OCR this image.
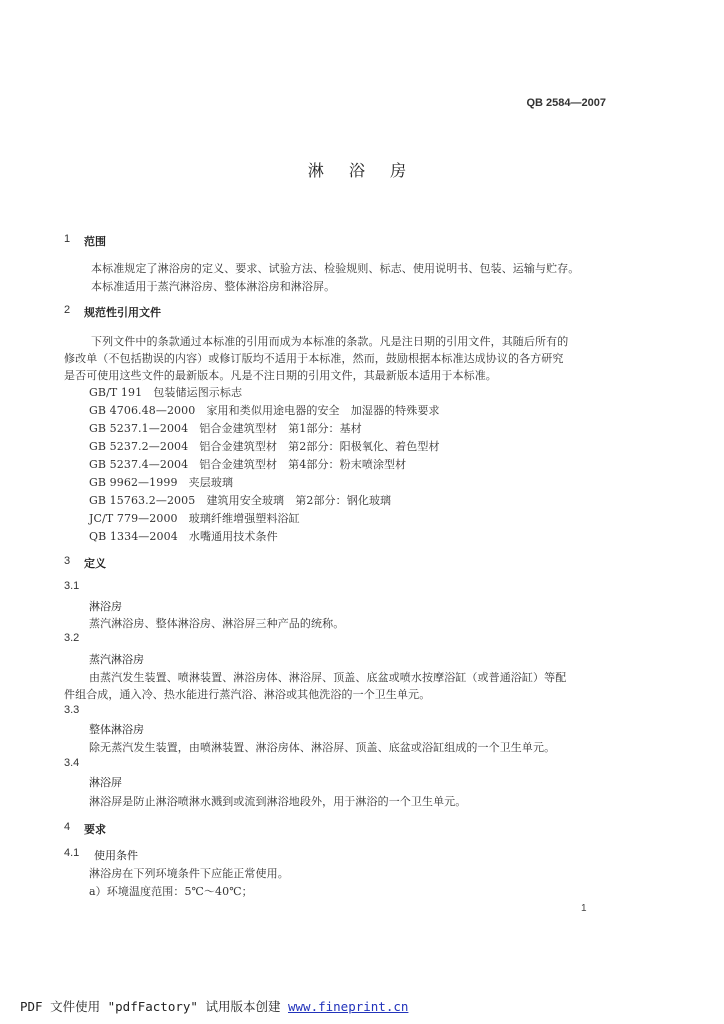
QB 2584—2007
淋 浴 房
1 范围
本标准规定了淋浴房的定义、要求、试验方法、检验规则、标志、使用说明书、包装、运输与贮存。
本标准适用于蒸汽淋浴房、整体淋浴房和淋浴屏。
2 规范性引用文件
下列文件中的条款通过本标准的引用而成为本标准的条款。凡是注日期的引用文件，其随后所有的
修改单（不包括勘误的内容）或修订版均不适用于本标准，然而，鼓励根据本标准达成协议的各方研究
是否可使用这些文件的最新版本。凡是不注日期的引用文件，其最新版本适用于本标准。
GB/T 191　包装储运图示标志
GB 4706.48—2000　家用和类似用途电器的安全　加湿器的特殊要求
GB 5237.1—2004　铝合金建筑型材　第1部分：基材
GB 5237.2—2004　铝合金建筑型材　第2部分：阳极氧化、着色型材
GB 5237.4—2004　铝合金建筑型材　第4部分：粉末喷涂型材
GB 9962—1999　夹层玻璃
GB 15763.2—2005　建筑用安全玻璃　第2部分：钢化玻璃
JC/T 779—2000　玻璃纤维增强塑料浴缸
QB 1334—2004　水嘴通用技术条件
3 定义
3.1
淋浴房
蒸汽淋浴房、整体淋浴房、淋浴屏三种产品的统称。
3.2
蒸汽淋浴房
由蒸汽发生装置、喷淋装置、淋浴房体、淋浴屏、顶盖、底盆或喷水按摩浴缸（或普通浴缸）等配
件组合成，通入冷、热水能进行蒸汽浴、淋浴或其他洗浴的一个卫生单元。
3.3
整体淋浴房
除无蒸汽发生装置，由喷淋装置、淋浴房体、淋浴屏、顶盖、底盆或浴缸组成的一个卫生单元。
3.4
淋浴屏
淋浴屏是防止淋浴喷淋水溅到或流到淋浴地段外，用于淋浴的一个卫生单元。
4 要求
4.1 使用条件
淋浴房在下列环境条件下应能正常使用。
a）环境温度范围：5℃～40℃；
1
PDF 文件使用 "pdfFactory" 试用版本创建 www.fineprint.cn
